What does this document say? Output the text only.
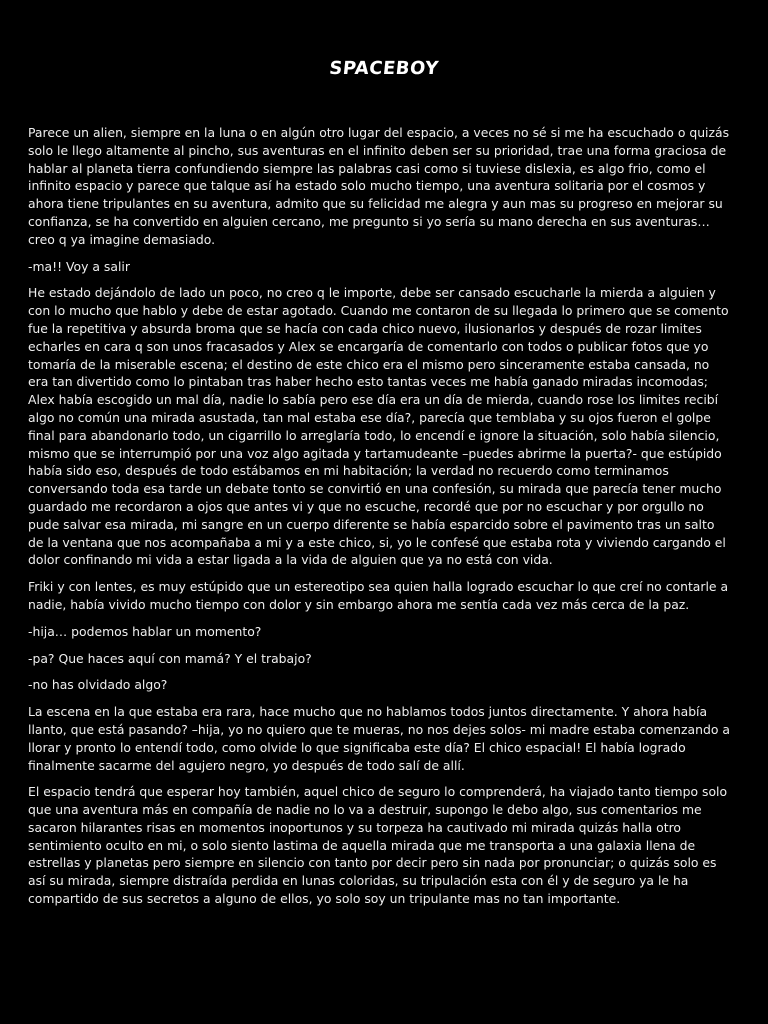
SPACEBOY

Parece un alien, siempre en la luna o en algún otro lugar del espacio, a veces no sé si me ha escuchado o quizás solo le llego altamente al pincho, sus aventuras en el infinito deben ser su prioridad, trae una forma graciosa de hablar al planeta tierra confundiendo siempre las palabras casi como si tuviese dislexia, es algo frio, como el infinito espacio y parece que talque así ha estado solo mucho tiempo, una aventura solitaria por el cosmos y ahora tiene tripulantes en su aventura, admito que su felicidad me alegra y aun mas su progreso en mejorar su confianza, se ha convertido en alguien cercano, me pregunto si yo sería su mano derecha en sus aventuras… creo q ya imagine demasiado.

-ma!! Voy a salir

He estado dejándolo de lado un poco, no creo q le importe, debe ser cansado escucharle la mierda a alguien y con lo mucho que hablo y debe de estar agotado. Cuando me contaron de su llegada lo primero que se comento fue la repetitiva y absurda broma que se hacía con cada chico nuevo, ilusionarlos y después de rozar limites echarles en cara q son unos fracasados y Alex se encargaría de comentarlo con todos o publicar fotos que yo tomaría de la miserable escena; el destino de este chico era el mismo pero sinceramente estaba cansada, no era tan divertido como lo pintaban tras haber hecho esto tantas veces me había ganado miradas incomodas; Alex había escogido un mal día, nadie lo sabía pero ese día era un día de mierda, cuando rose los limites recibí algo no común una mirada asustada, tan mal estaba ese día?, parecía que temblaba y su ojos fueron el golpe final para abandonarlo todo, un cigarrillo lo arreglaría todo, lo encendí e ignore la situación, solo había silencio, mismo que se interrumpió por una voz algo agitada y tartamudeante –puedes abrirme la puerta?- que estúpido había sido eso, después de todo estábamos en mi habitación; la verdad no recuerdo como terminamos conversando toda esa tarde un debate tonto se convirtió en una confesión, su mirada que parecía tener mucho guardado me recordaron a ojos que antes vi y que no escuche, recordé que por no escuchar y por orgullo no pude salvar esa mirada, mi sangre en un cuerpo diferente se había esparcido sobre el pavimento tras un salto de la ventana que nos acompañaba a mi y a este chico, si, yo le confesé que estaba rota y viviendo cargando el dolor confinando mi vida a estar ligada a la vida de alguien que ya no está con vida.

Friki y con lentes, es muy estúpido que un estereotipo sea quien halla logrado escuchar lo que creí no contarle a nadie, había vivido mucho tiempo con dolor y sin embargo ahora me sentía cada vez más cerca de la paz.

-hija… podemos hablar un momento?

-pa? Que haces aquí con mamá? Y el trabajo?

-no has olvidado algo?

La escena en la que estaba era rara, hace mucho que no hablamos todos juntos directamente. Y ahora había llanto, que está pasando? –hija, yo no quiero que te mueras, no nos dejes solos- mi madre estaba comenzando a llorar y pronto lo entendí todo, como olvide lo que significaba este día? El chico espacial! El había logrado finalmente sacarme del agujero negro, yo después de todo salí de allí.

El espacio tendrá que esperar hoy también, aquel chico de seguro lo comprenderá, ha viajado tanto tiempo solo que una aventura más en compañía de nadie no lo va a destruir, supongo le debo algo, sus comentarios me sacaron hilarantes risas en momentos inoportunos y su torpeza ha cautivado mi mirada quizás halla otro sentimiento oculto en mi, o solo siento lastima de aquella mirada que me transporta a una galaxia llena de estrellas y planetas pero siempre en silencio con tanto por decir pero sin nada por pronunciar; o quizás solo es así su mirada, siempre distraída perdida en lunas coloridas, su tripulación esta con él y de seguro ya le ha compartido de sus secretos a alguno de ellos, yo solo soy un tripulante mas no tan importante.
